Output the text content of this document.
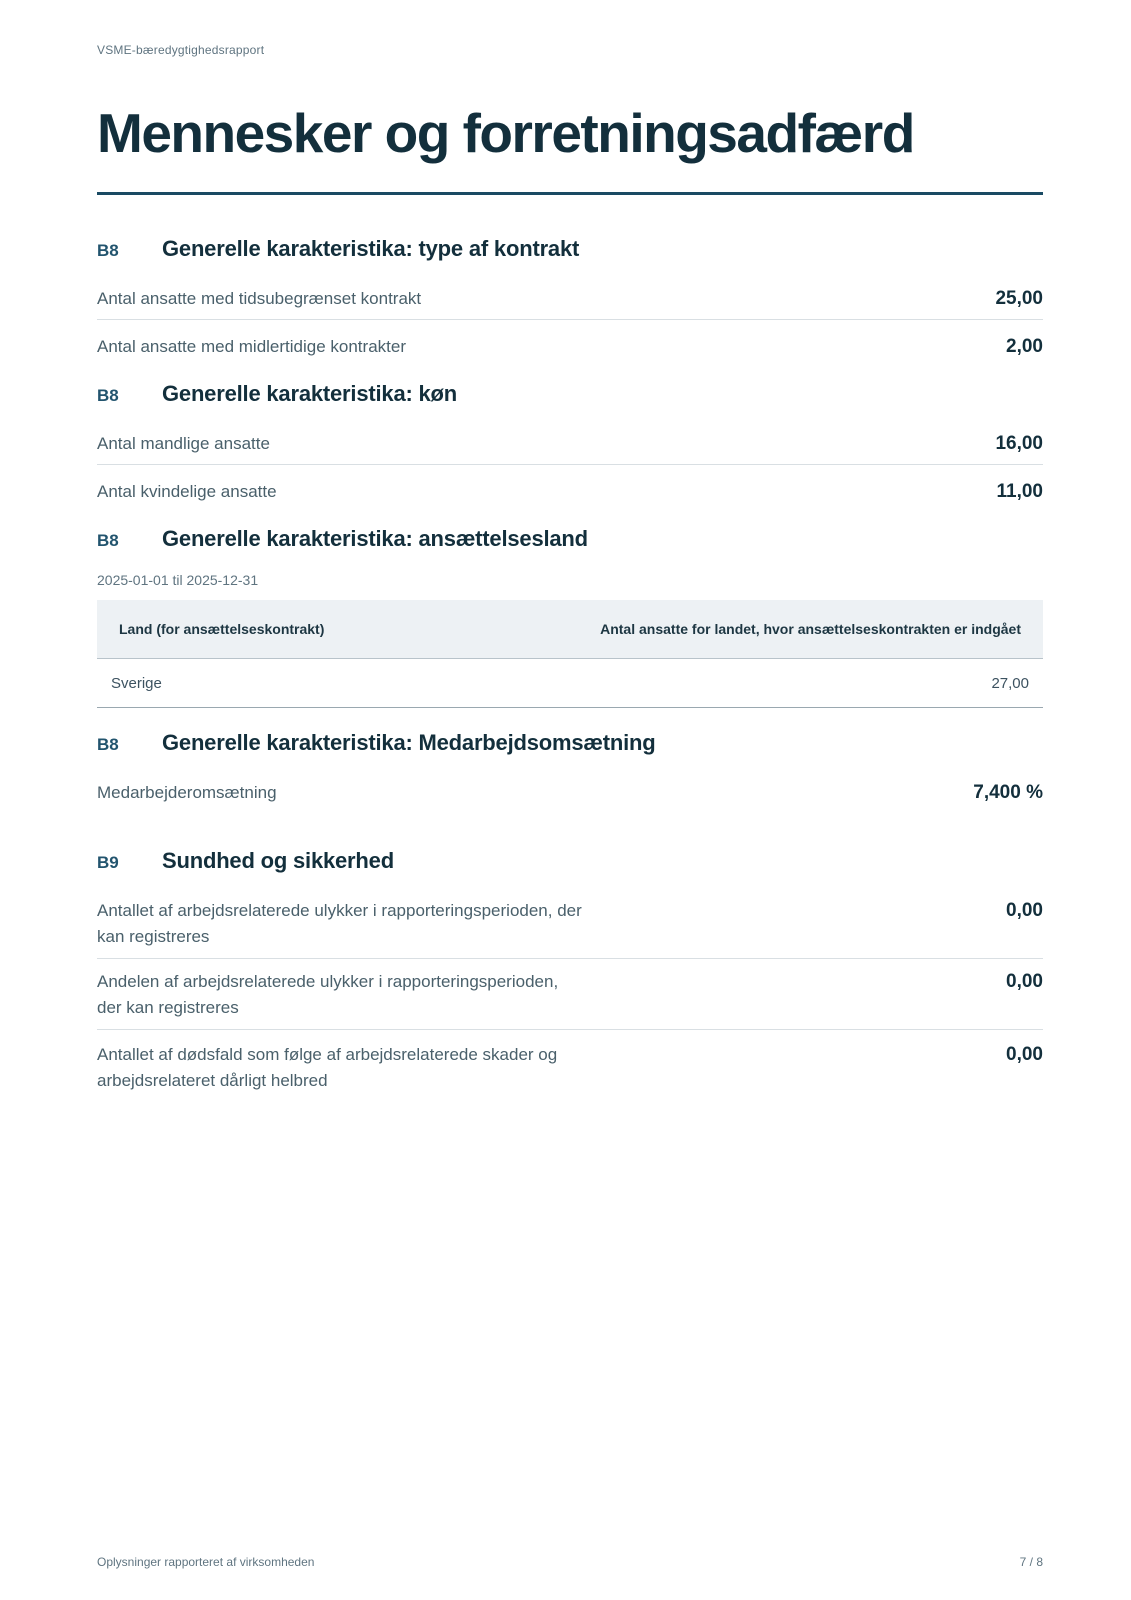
VSME-bæredygtighedsrapport
Mennesker og forretningsadfærd
B8	Generelle karakteristika: type af kontrakt
Antal ansatte med tidsubegrænset kontrakt	25,00
Antal ansatte med midlertidige kontrakter	2,00
B8	Generelle karakteristika: køn
Antal mandlige ansatte	16,00
Antal kvindelige ansatte	11,00
B8	Generelle karakteristika: ansættelsesland
2025-01-01 til 2025-12-31
Land (for ansættelseskontrakt)	Antal ansatte for landet, hvor ansættelseskontrakten er indgået
Sverige	27,00
B8	Generelle karakteristika: Medarbejdsomsætning
Medarbejderomsætning	7,400 %
B9	Sundhed og sikkerhed
Antallet af arbejdsrelaterede ulykker i rapporteringsperioden, der kan registreres
0,00
Andelen af arbejdsrelaterede ulykker i rapporteringsperioden, der kan registreres
0,00
Antallet af dødsfald som følge af arbejdsrelaterede skader og arbejdsrelateret dårligt helbred
0,00
Oplysninger rapporteret af virksomheden	7 / 8
